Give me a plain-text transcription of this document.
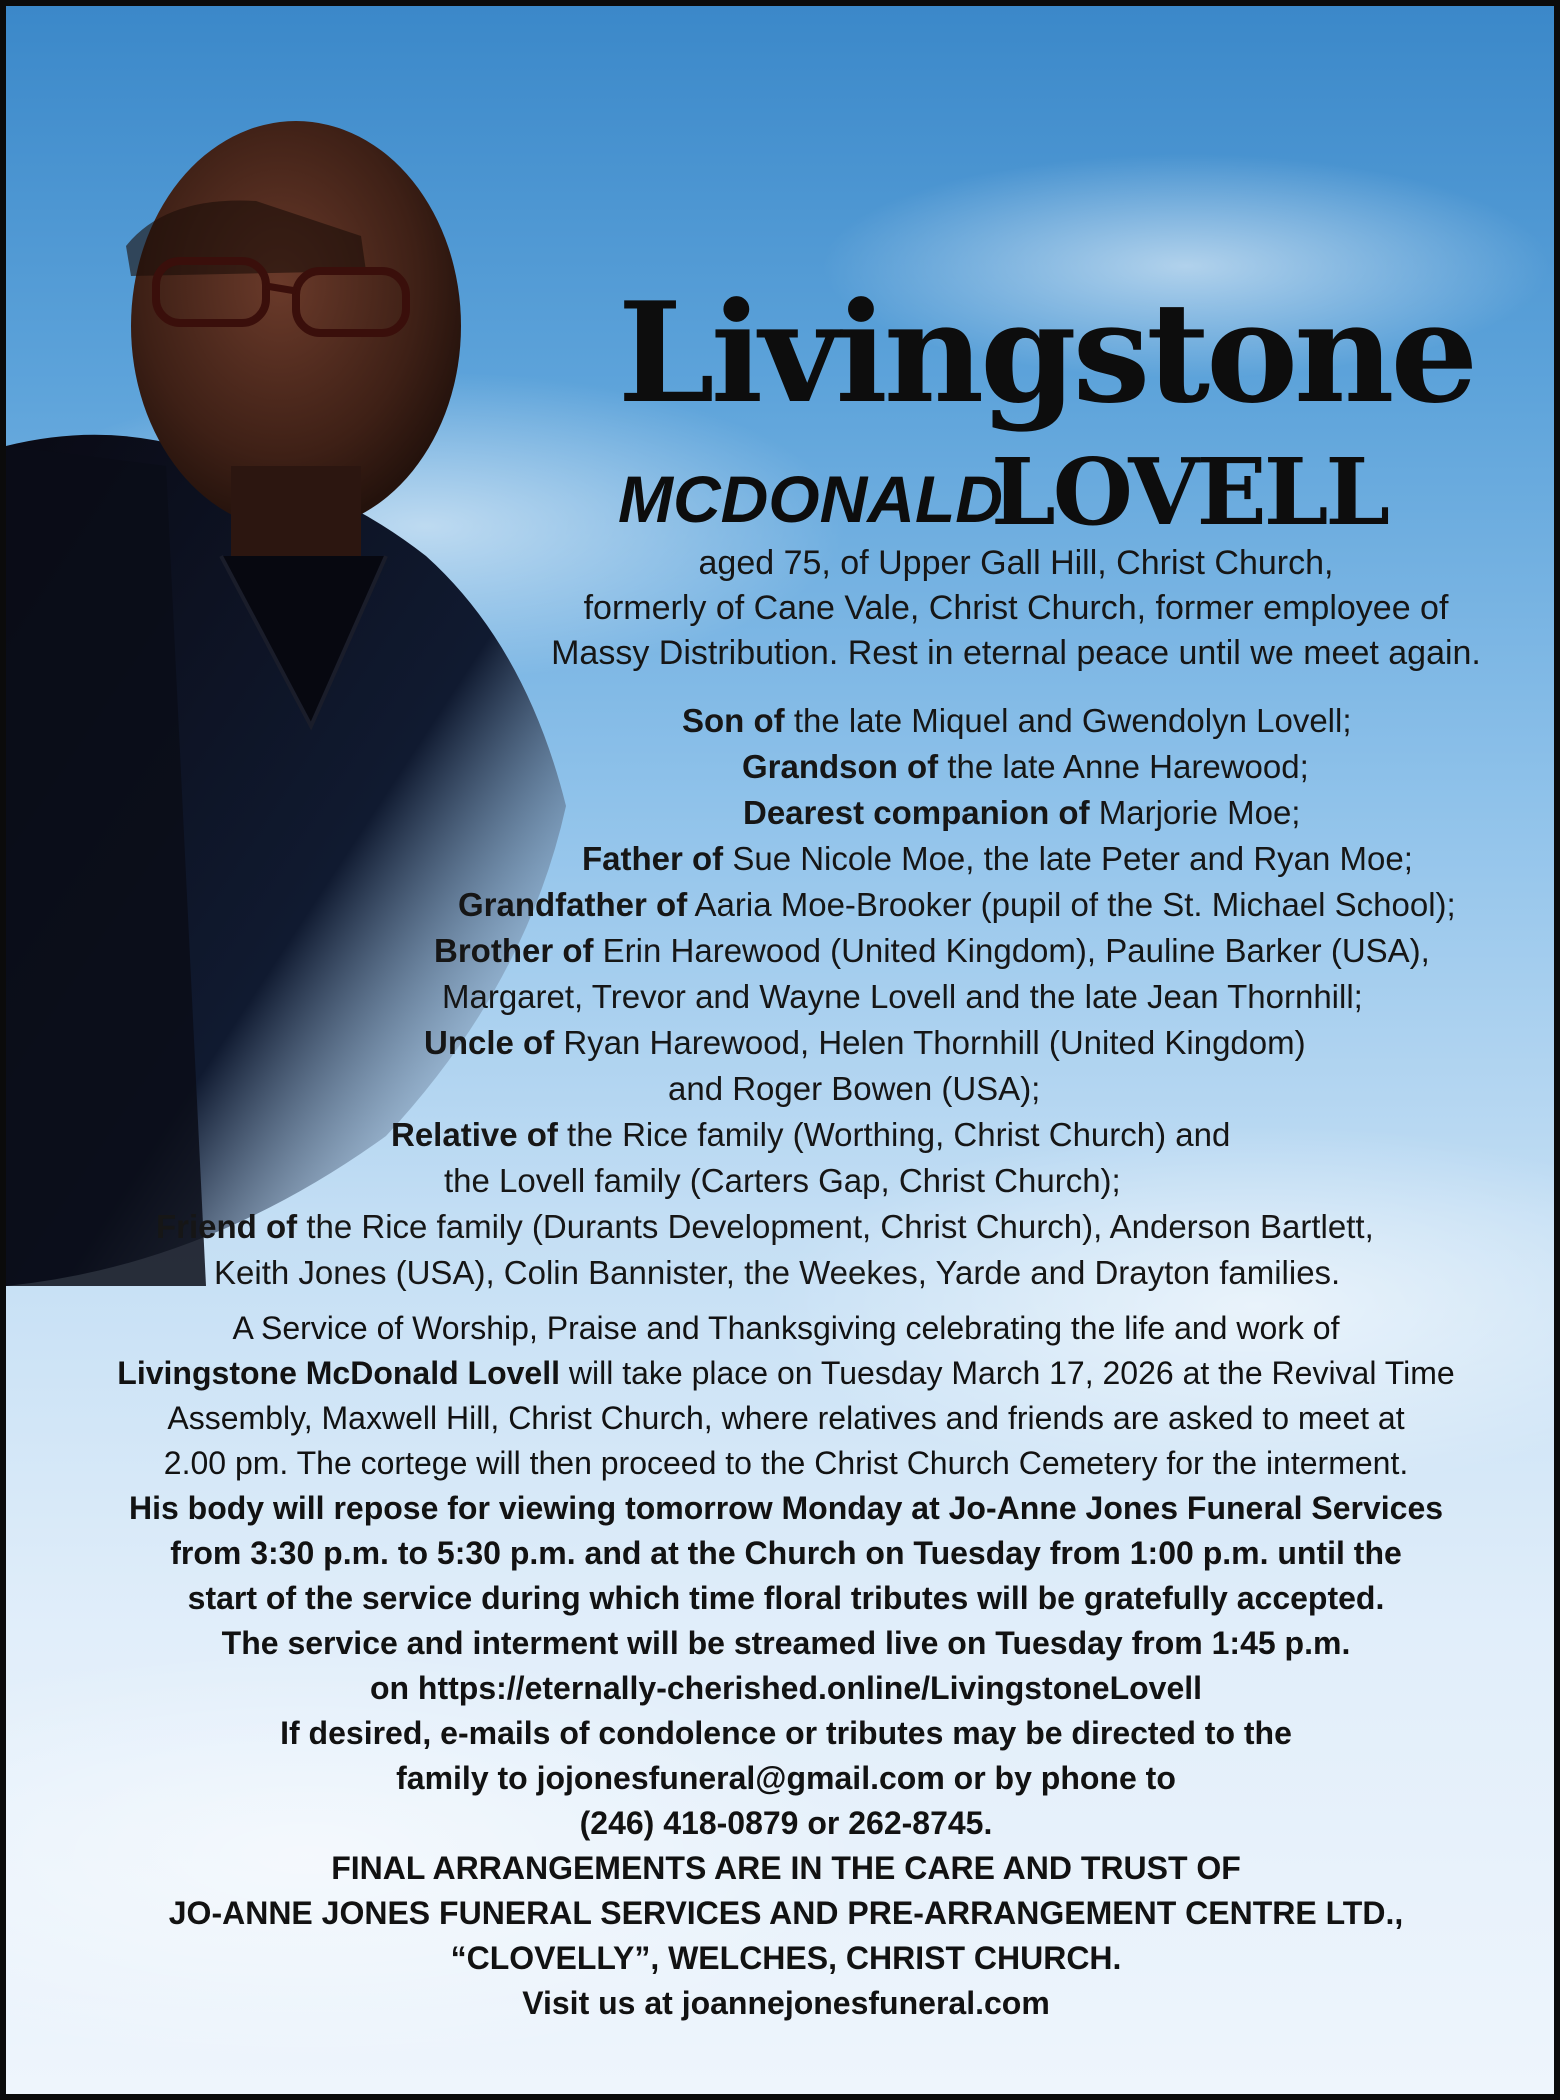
Livingstone
MCDONALD
LOVELL
aged 75, of Upper Gall Hill, Christ Church,
formerly of Cane Vale, Christ Church, former employee of
Massy Distribution. Rest in eternal peace until we meet again.
Son of the late Miquel and Gwendolyn Lovell;
Grandson of the late Anne Harewood;
Dearest companion of Marjorie Moe;
Father of Sue Nicole Moe, the late Peter and Ryan Moe;
Grandfather of Aaria Moe-Brooker (pupil of the St. Michael School);
Brother of Erin Harewood (United Kingdom), Pauline Barker (USA),
Margaret, Trevor and Wayne Lovell and the late Jean Thornhill;
Uncle of Ryan Harewood, Helen Thornhill (United Kingdom)
and Roger Bowen (USA);
Relative of the Rice family (Worthing, Christ Church) and
the Lovell family (Carters Gap, Christ Church);
Friend of the Rice family (Durants Development, Christ Church), Anderson Bartlett,
Keith Jones (USA), Colin Bannister, the Weekes, Yarde and Drayton families.
A Service of Worship, Praise and Thanksgiving celebrating the life and work of
Livingstone McDonald Lovell will take place on Tuesday March 17, 2026 at the Revival Time
Assembly, Maxwell Hill, Christ Church, where relatives and friends are asked to meet at
2.00 pm. The cortege will then proceed to the Christ Church Cemetery for the interment.
His body will repose for viewing tomorrow Monday at Jo-Anne Jones Funeral Services
from 3:30 p.m. to 5:30 p.m. and at the Church on Tuesday from 1:00 p.m. until the
start of the service during which time floral tributes will be gratefully accepted.
The service and interment will be streamed live on Tuesday from 1:45 p.m.
on https://eternally-cherished.online/LivingstoneLovell
If desired, e-mails of condolence or tributes may be directed to the
family to jojonesfuneral@gmail.com or by phone to
(246) 418-0879 or 262-8745.
FINAL ARRANGEMENTS ARE IN THE CARE AND TRUST OF
JO-ANNE JONES FUNERAL SERVICES AND PRE-ARRANGEMENT CENTRE LTD.,
“CLOVELLY”, WELCHES, CHRIST CHURCH.
Visit us at joannejonesfuneral.com
